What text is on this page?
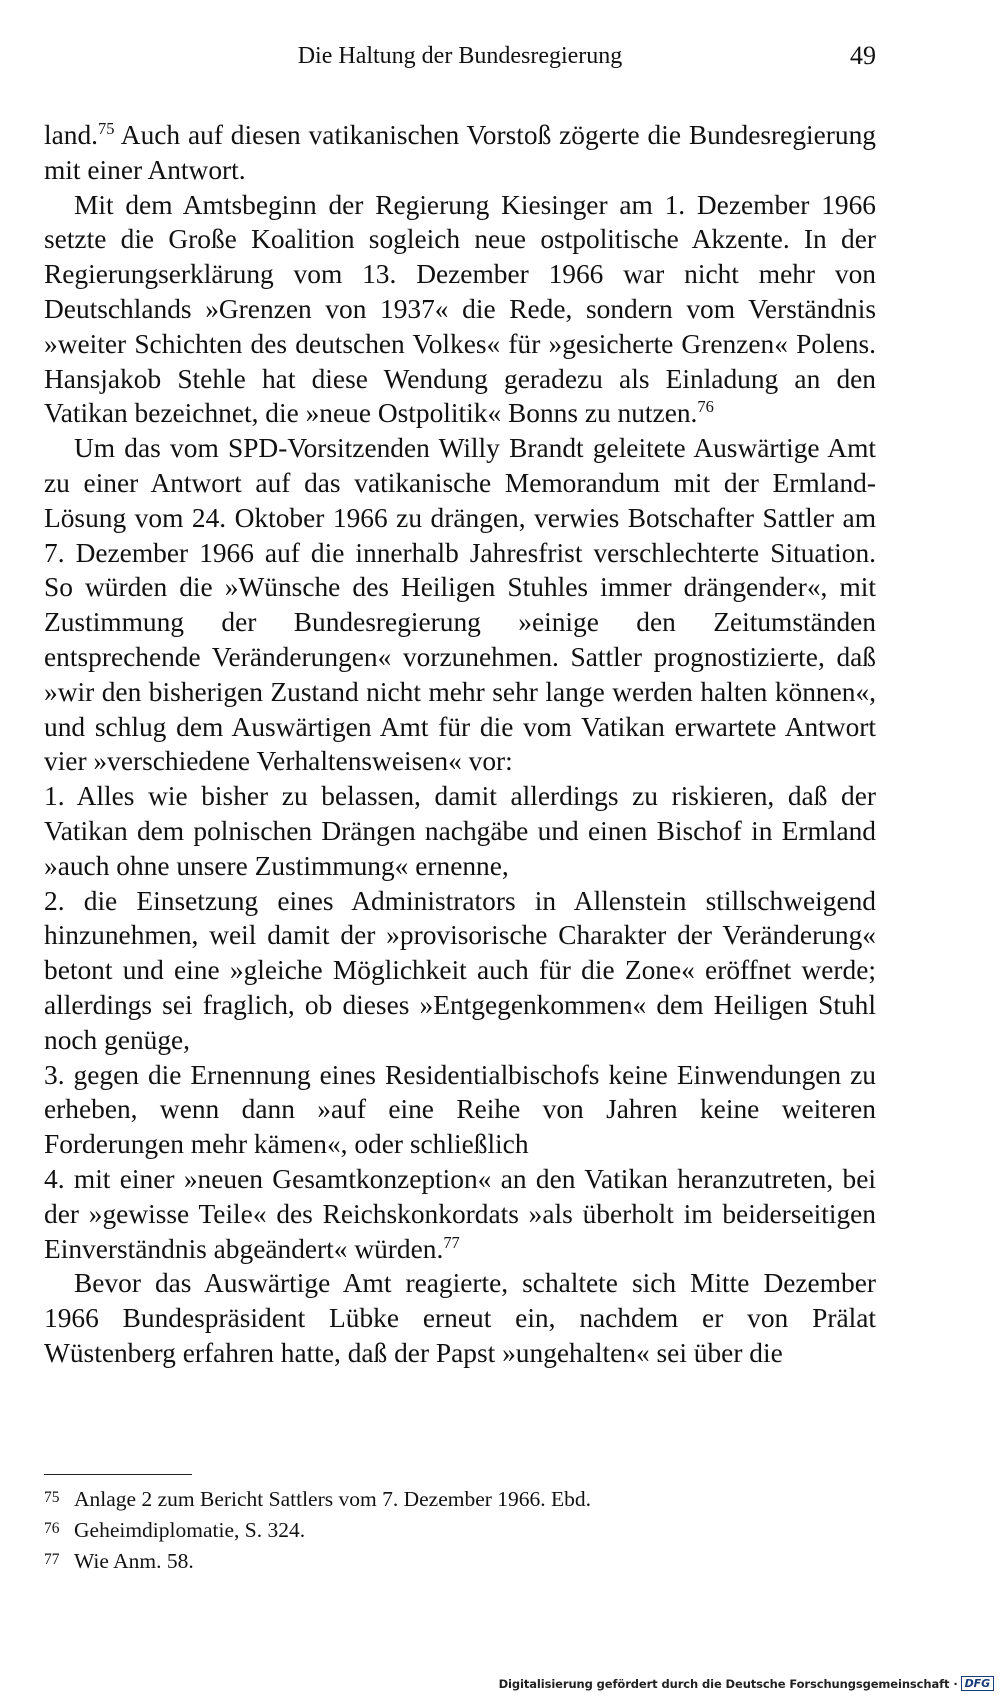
Die Haltung der Bundesregierung	49

land.$^{75}$ Auch auf diesen vatikanischen Vorstoß zögerte die Bundesregierung mit einer Antwort.

Mit dem Amtsbeginn der Regierung Kiesinger am 1. Dezember 1966 setzte die Große Koalition sogleich neue ostpolitische Akzente. In der Regierungserklärung vom 13. Dezember 1966 war nicht mehr von Deutschlands »Grenzen von 1937« die Rede, sondern vom Verständnis »weiter Schichten des deutschen Volkes« für »gesicherte Grenzen« Polens. Hansjakob Stehle hat diese Wendung geradezu als Einladung an den Vatikan bezeichnet, die »neue Ostpolitik« Bonns zu nutzen.$^{76}$

Um das vom SPD-Vorsitzenden Willy Brandt geleitete Auswärtige Amt zu einer Antwort auf das vatikanische Memorandum mit der Ermland-Lösung vom 24. Oktober 1966 zu drängen, verwies Botschafter Sattler am 7. Dezember 1966 auf die innerhalb Jahresfrist verschlechterte Situation. So würden die »Wünsche des Heiligen Stuhles immer drängender«, mit Zustimmung der Bundesregierung »einige den Zeitumständen entsprechende Veränderungen« vorzunehmen. Sattler prognostizierte, daß »wir den bisherigen Zustand nicht mehr sehr lange werden halten können«, und schlug dem Auswärtigen Amt für die vom Vatikan erwartete Antwort vier »verschiedene Verhaltensweisen« vor:

1. Alles wie bisher zu belassen, damit allerdings zu riskieren, daß der Vatikan dem polnischen Drängen nachgäbe und einen Bischof in Ermland »auch ohne unsere Zustimmung« ernenne,

2. die Einsetzung eines Administrators in Allenstein stillschweigend hinzunehmen, weil damit der »provisorische Charakter der Veränderung« betont und eine »gleiche Möglichkeit auch für die Zone« eröffnet werde; allerdings sei fraglich, ob dieses »Entgegenkommen« dem Heiligen Stuhl noch genüge,

3. gegen die Ernennung eines Residentialbischofs keine Einwendungen zu erheben, wenn dann »auf eine Reihe von Jahren keine weiteren Forderungen mehr kämen«, oder schließlich

4. mit einer »neuen Gesamtkonzeption« an den Vatikan heranzutreten, bei der »gewisse Teile« des Reichskonkordats »als überholt im beiderseitigen Einverständnis abgeändert« würden.$^{77}$

Bevor das Auswärtige Amt reagierte, schaltete sich Mitte Dezember 1966 Bundespräsident Lübke erneut ein, nachdem er von Prälat Wüstenberg erfahren hatte, daß der Papst »ungehalten« sei über die

75 Anlage 2 zum Bericht Sattlers vom 7. Dezember 1966. Ebd.
76 Geheimdiplomatie, S. 324.
77 Wie Anm. 58.
Digitalisierung gefördert durch die Deutsche Forschungsgemeinschaft · DFG
